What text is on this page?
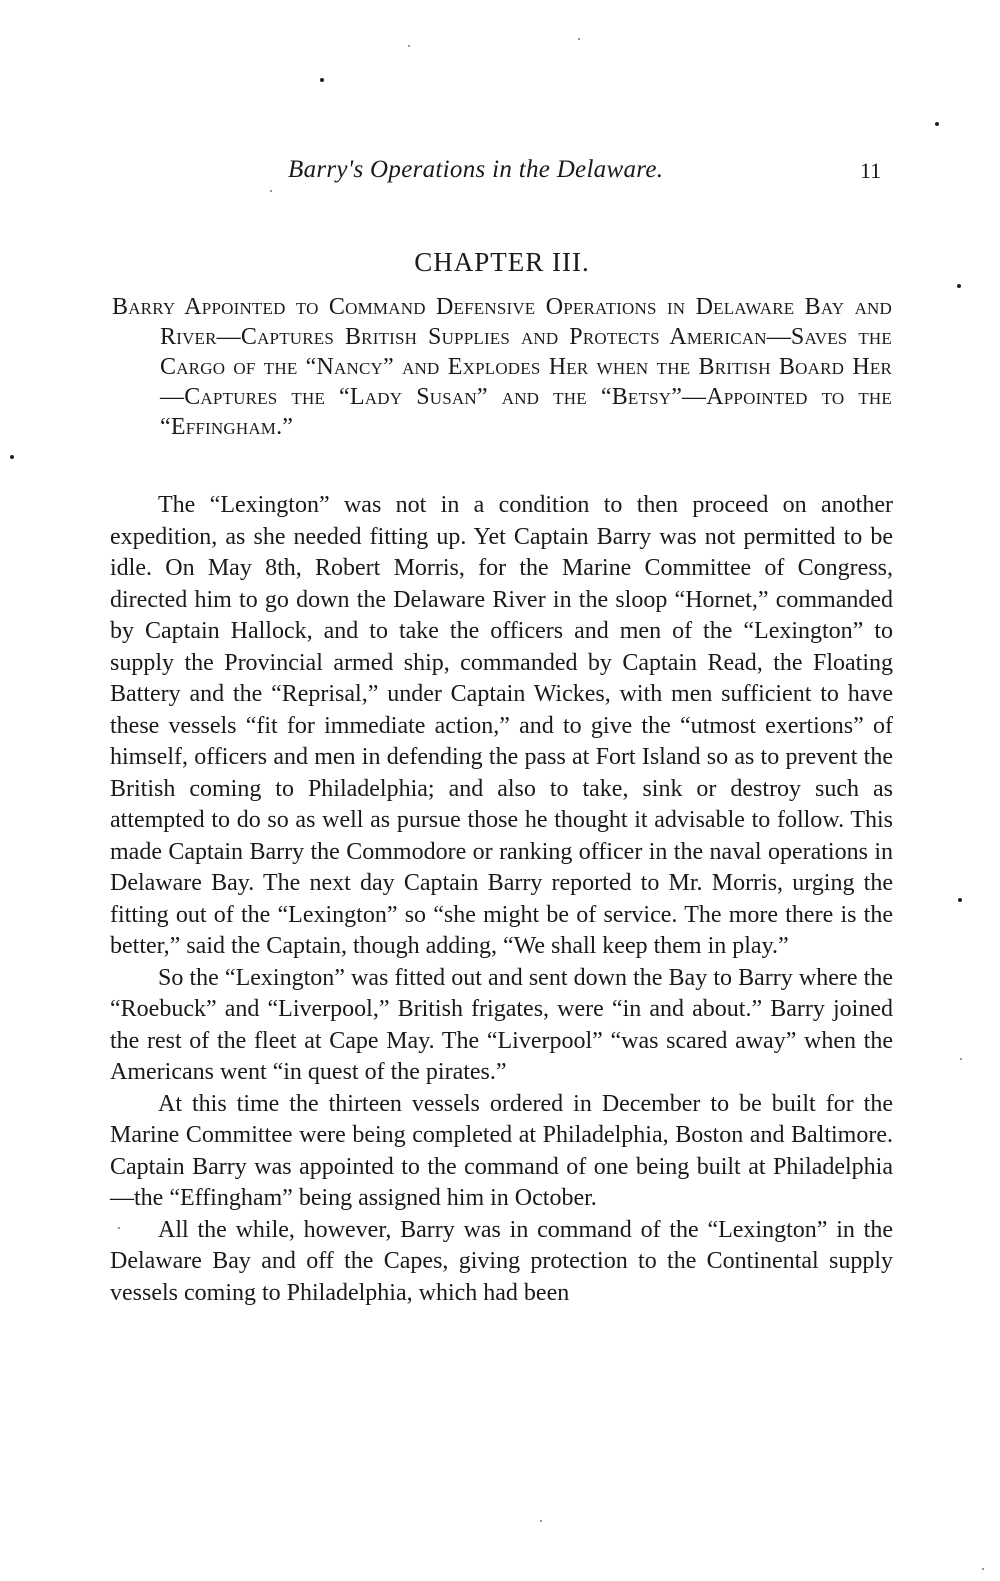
Barry's Operations in the Delaware.	11
CHAPTER III.
Barry Appointed to Command Defensive Operations in Delaware Bay and River—Captures British Supplies and Protects American—Saves the Cargo of the “Nancy” and Explodes Her when the British Board Her—Captures the “Lady Susan” and the “Betsy”—Appointed to the “Effingham.”

The “Lexington” was not in a condition to then proceed on another expedition, as she needed fitting up. Yet Captain Barry was not permitted to be idle. On May 8th, Robert Morris, for the Marine Committee of Congress, directed him to go down the Delaware River in the sloop “Hornet,” commanded by Captain Hallock, and to take the officers and men of the “Lexington” to supply the Provincial armed ship, commanded by Captain Read, the Floating Battery and the “Reprisal,” under Captain Wickes, with men sufficient to have these vessels “fit for immediate action,” and to give the “utmost exertions” of himself, officers and men in defending the pass at Fort Island so as to prevent the British coming to Philadelphia; and also to take, sink or destroy such as attempted to do so as well as pursue those he thought it advisable to follow. This made Captain Barry the Commodore or ranking officer in the naval operations in Delaware Bay. The next day Captain Barry reported to Mr. Morris, urging the fitting out of the “Lexington” so “she might be of service. The more there is the better,” said the Captain, though adding, “We shall keep them in play.”

So the “Lexington” was fitted out and sent down the Bay to Barry where the “Roebuck” and “Liverpool,” British frigates, were “in and about.” Barry joined the rest of the fleet at Cape May. The “Liverpool” “was scared away” when the Americans went “in quest of the pirates.”

At this time the thirteen vessels ordered in December to be built for the Marine Committee were being completed at Philadelphia, Boston and Baltimore. Captain Barry was appointed to the command of one being built at Philadelphia—the “Effingham” being assigned him in October.

All the while, however, Barry was in command of the “Lexington” in the Delaware Bay and off the Capes, giving protection to the Continental supply vessels coming to Philadelphia, which had been
